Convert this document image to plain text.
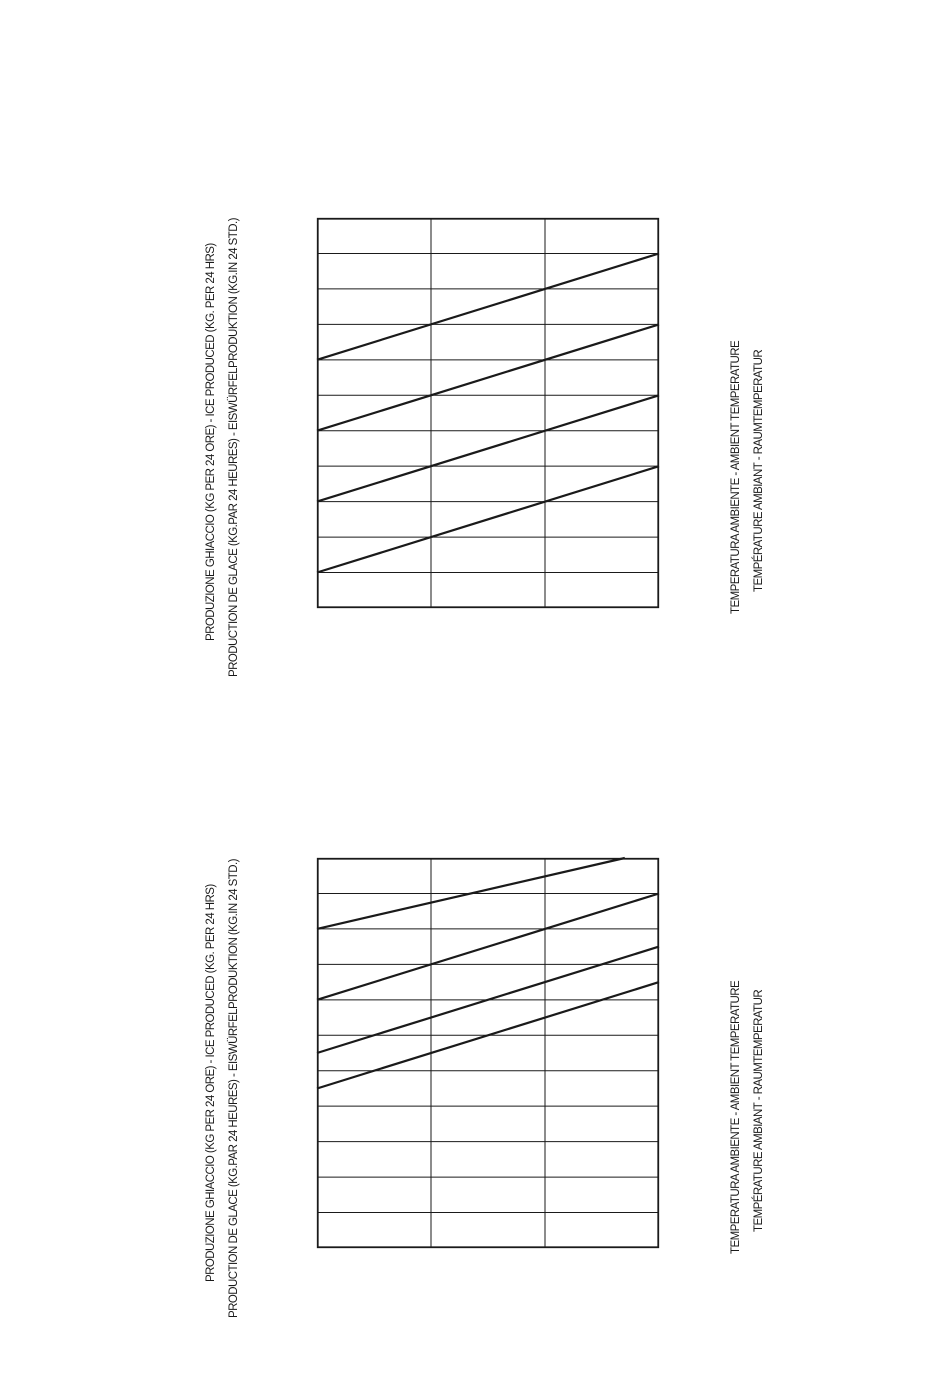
PRODUZIONE GHIACCIO (KG PER 24 ORE) - ICE PRODUCED (KG. PER 24 HRS) PRODUCTION DE GLACE (KG.PAR 24 HEURES) - EISWÜRFELPRODUKTION (KG.IN 24 STD.)	TEMPERATURA AMBIENTE - AMBIENT TEMPERATURE TEMPÉRATURE AMBIANT - RAUMTEMPERATUR
PRODUZIONE GHIACCIO (KG PER 24 ORE) - ICE PRODUCED (KG. PER 24 HRS) PRODUCTION DE GLACE (KG.PAR 24 HEURES) - EISWÜRFELPRODUKTION (KG.IN 24 STD.)	TEMPERATURA AMBIENTE - AMBIENT TEMPERATURE TEMPÉRATURE AMBIANT - RAUMTEMPERATUR
